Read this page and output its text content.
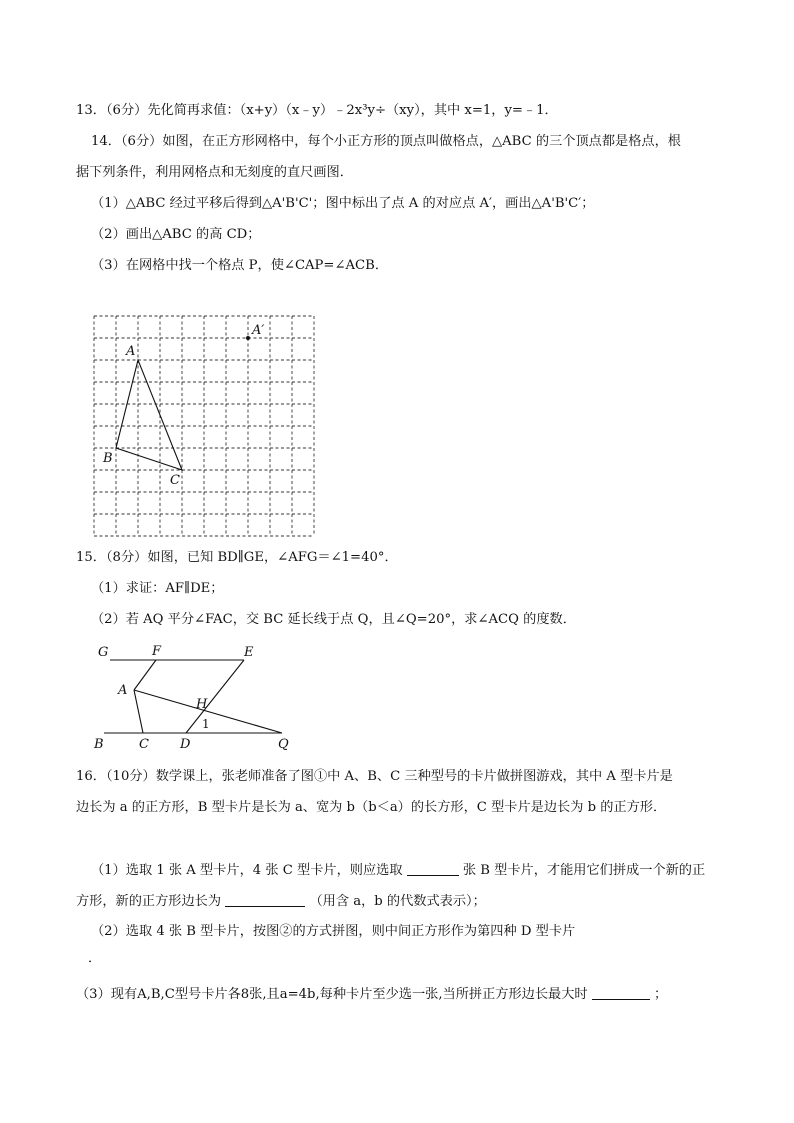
13．（6分）先化简再求值：（x+y）（x﹣y）﹣2x³y÷（xy），其中 x=1，y=﹣1．
14．（6分）如图，在正方形网格中，每个小正方形的顶点叫做格点，△ABC 的三个顶点都是格点，根
据下列条件，利用网格点和无刻度的直尺画图．
（1）△ABC 经过平移后得到△A'B'C'；图中标出了点 A 的对应点 A′，画出△A'B'C′；
（2）画出△ABC 的高 CD；
（3）在网格中找一个格点 P，使∠CAP=∠ACB．
A
B
C
A′
15．（8分）如图，已知 BD∥GE，∠AFG＝∠1=40°．
（1）求证：AF∥DE；
（2）若 AQ 平分∠FAC，交 BC 延长线于点 Q，且∠Q=20°，求∠ACQ 的度数．
G	F	E
A
H
1
B	C D	Q
16．（10分）数学课上，张老师准备了图①中 A、B、C 三种型号的卡片做拼图游戏，其中 A 型卡片是
边长为 a 的正方形，B 型卡片是长为 a、宽为 b（b＜a）的长方形，C 型卡片是边长为 b 的正方形．
（1）选取 1 张 A 型卡片，4 张 C 型卡片，则应选取	张 B 型卡片，才能用它们拼成一个新的正
方形，新的正方形边长为	（用含 a，b 的代数式表示）；
（2）选取 4 张 B 型卡片，按图②的方式拼图，则中间正方形作为第四种 D 型卡片
．
（3）现有A,B,C型号卡片各8张,且a=4b,每种卡片至少选一张,当所拼正方形边长最大时	；
